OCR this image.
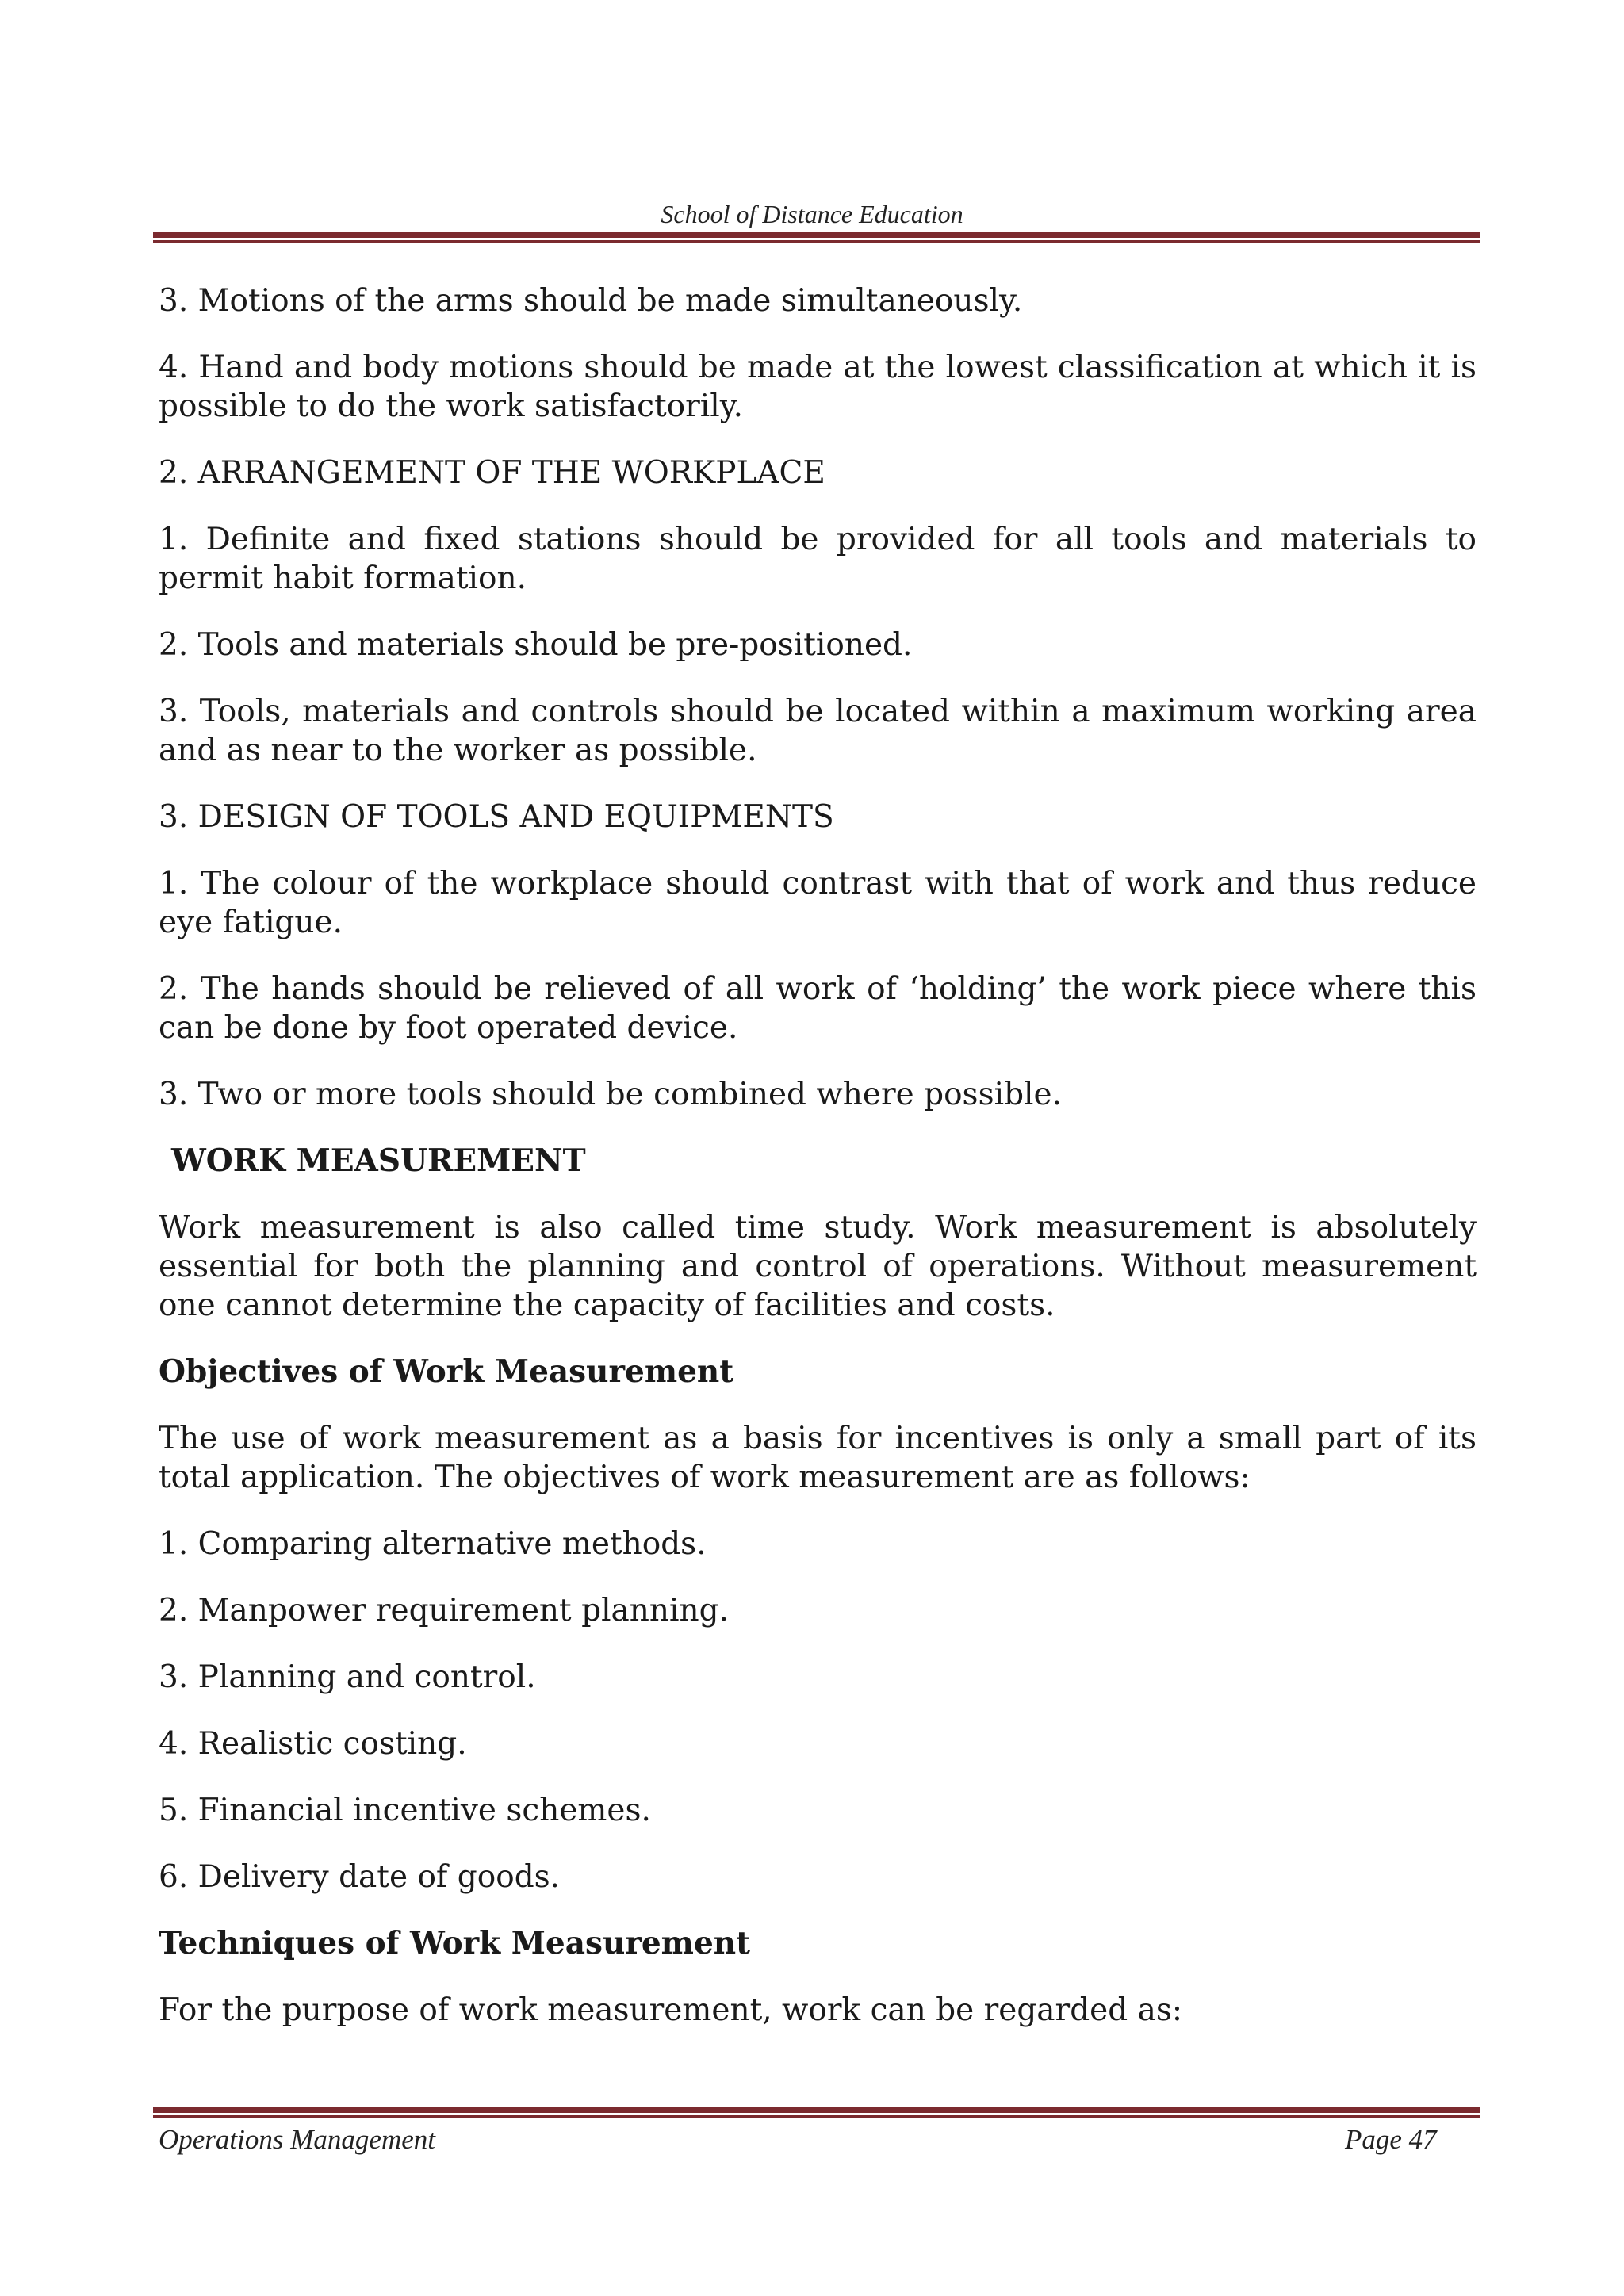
School of Distance Education

3. Motions of the arms should be made simultaneously.

4. Hand and body motions should be made at the lowest classification at which it is possible to do the work satisfactorily.

2. ARRANGEMENT OF THE WORKPLACE

1. Definite and fixed stations should be provided for all tools and materials to permit habit formation.

2. Tools and materials should be pre-positioned.

3. Tools, materials and controls should be located within a maximum working area and as near to the worker as possible.

3. DESIGN OF TOOLS AND EQUIPMENTS

1. The colour of the workplace should contrast with that of work and thus reduce eye fatigue.

2. The hands should be relieved of all work of ‘holding’ the work piece where this can be done by foot operated device.

3. Two or more tools should be combined where possible.

WORK MEASUREMENT

Work measurement is also called time study. Work measurement is absolutely essential for both the planning and control of operations. Without measurement one cannot determine the capacity of facilities and costs.

Objectives of Work Measurement

The use of work measurement as a basis for incentives is only a small part of its total application. The objectives of work measurement are as follows:

1. Comparing alternative methods.

2. Manpower requirement planning.

3. Planning and control.

4. Realistic costing.

5. Financial incentive schemes.

6. Delivery date of goods.

Techniques of Work Measurement

For the purpose of work measurement, work can be regarded as:

Operations Management	Page 47
